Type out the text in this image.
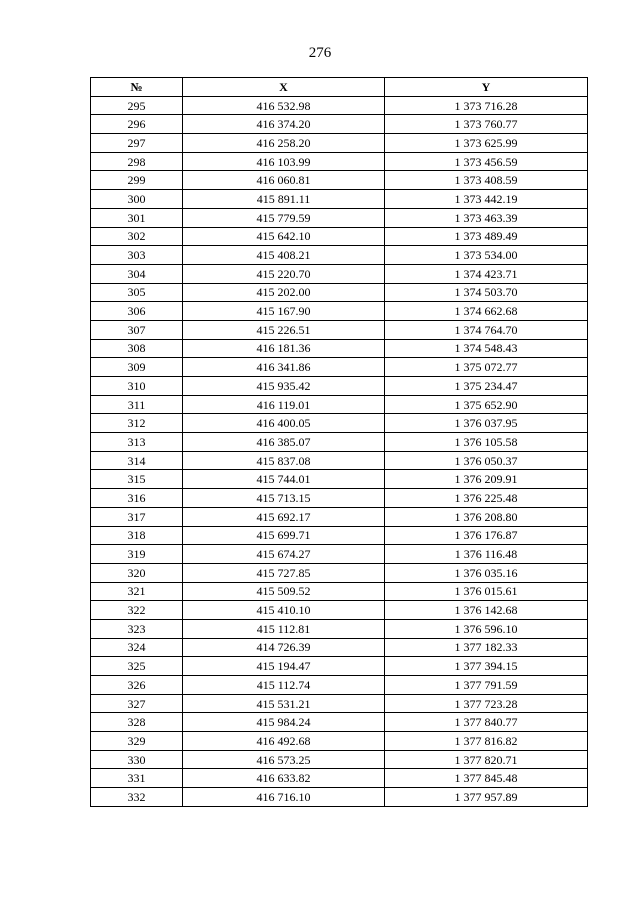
276
№	X	Y
295	416 532.98	1 373 716.28
296	416 374.20	1 373 760.77
297	416 258.20	1 373 625.99
298	416 103.99	1 373 456.59
299	416 060.81	1 373 408.59
300	415 891.11	1 373 442.19
301	415 779.59	1 373 463.39
302	415 642.10	1 373 489.49
303	415 408.21	1 373 534.00
304	415 220.70	1 374 423.71
305	415 202.00	1 374 503.70
306	415 167.90	1 374 662.68
307	415 226.51	1 374 764.70
308	416 181.36	1 374 548.43
309	416 341.86	1 375 072.77
310	415 935.42	1 375 234.47
311	416 119.01	1 375 652.90
312	416 400.05	1 376 037.95
313	416 385.07	1 376 105.58
314	415 837.08	1 376 050.37
315	415 744.01	1 376 209.91
316	415 713.15	1 376 225.48
317	415 692.17	1 376 208.80
318	415 699.71	1 376 176.87
319	415 674.27	1 376 116.48
320	415 727.85	1 376 035.16
321	415 509.52	1 376 015.61
322	415 410.10	1 376 142.68
323	415 112.81	1 376 596.10
324	414 726.39	1 377 182.33
325	415 194.47	1 377 394.15
326	415 112.74	1 377 791.59
327	415 531.21	1 377 723.28
328	415 984.24	1 377 840.77
329	416 492.68	1 377 816.82
330	416 573.25	1 377 820.71
331	416 633.82	1 377 845.48
332	416 716.10	1 377 957.89
